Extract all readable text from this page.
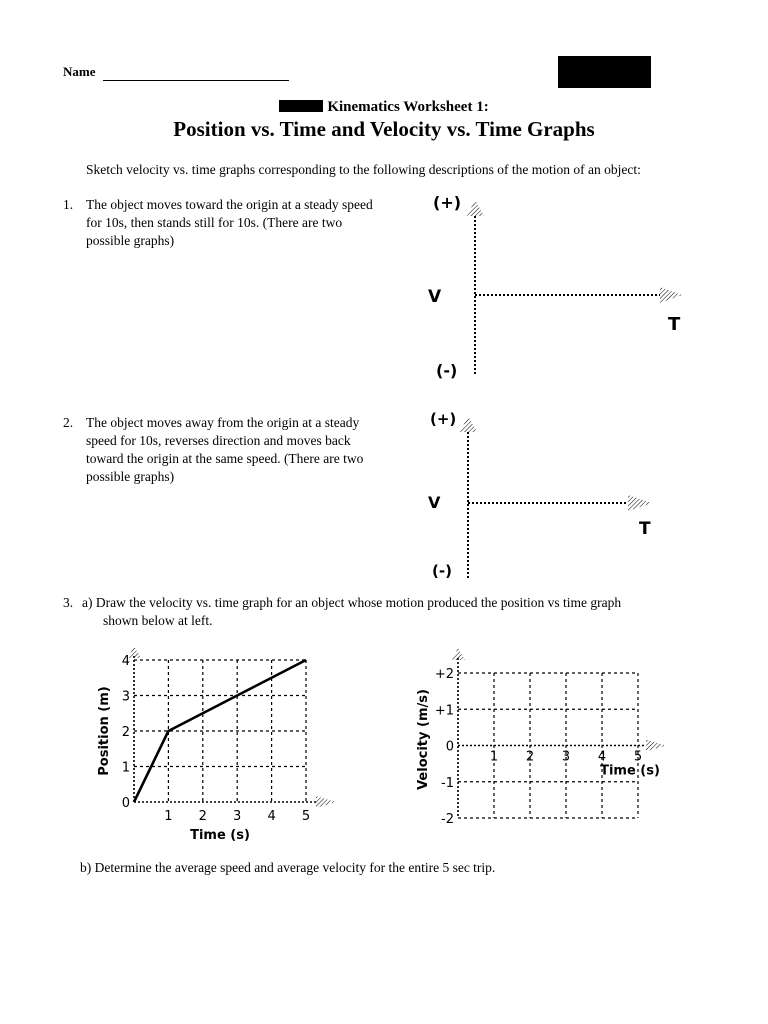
Name
Kinematics Worksheet 1:
Position vs. Time and Velocity vs. Time Graphs
Sketch velocity vs. time graphs corresponding to the following descriptions of the motion of an object:
1. The object moves toward the origin at a steady speed
for 10s, then stands still for 10s. (There are two
possible graphs)
(+)
V
T
(-)
2. The object moves away from the origin at a steady
speed for 10s, reverses direction and moves back
toward the origin at the same speed. (There are two
possible graphs)
(+)
V
T
(-)
3. a) Draw the velocity vs. time graph for an object whose motion produced the position vs time graph
shown below at left.
0
1
2
3
4
1 2 3 4 5
Time (s)
Position (m)
+2
+1
0
-1
-2
1 2 3 4 5
Time (s)
Velocity (m/s)
b) Determine the average speed and average velocity for the entire 5 sec trip.
